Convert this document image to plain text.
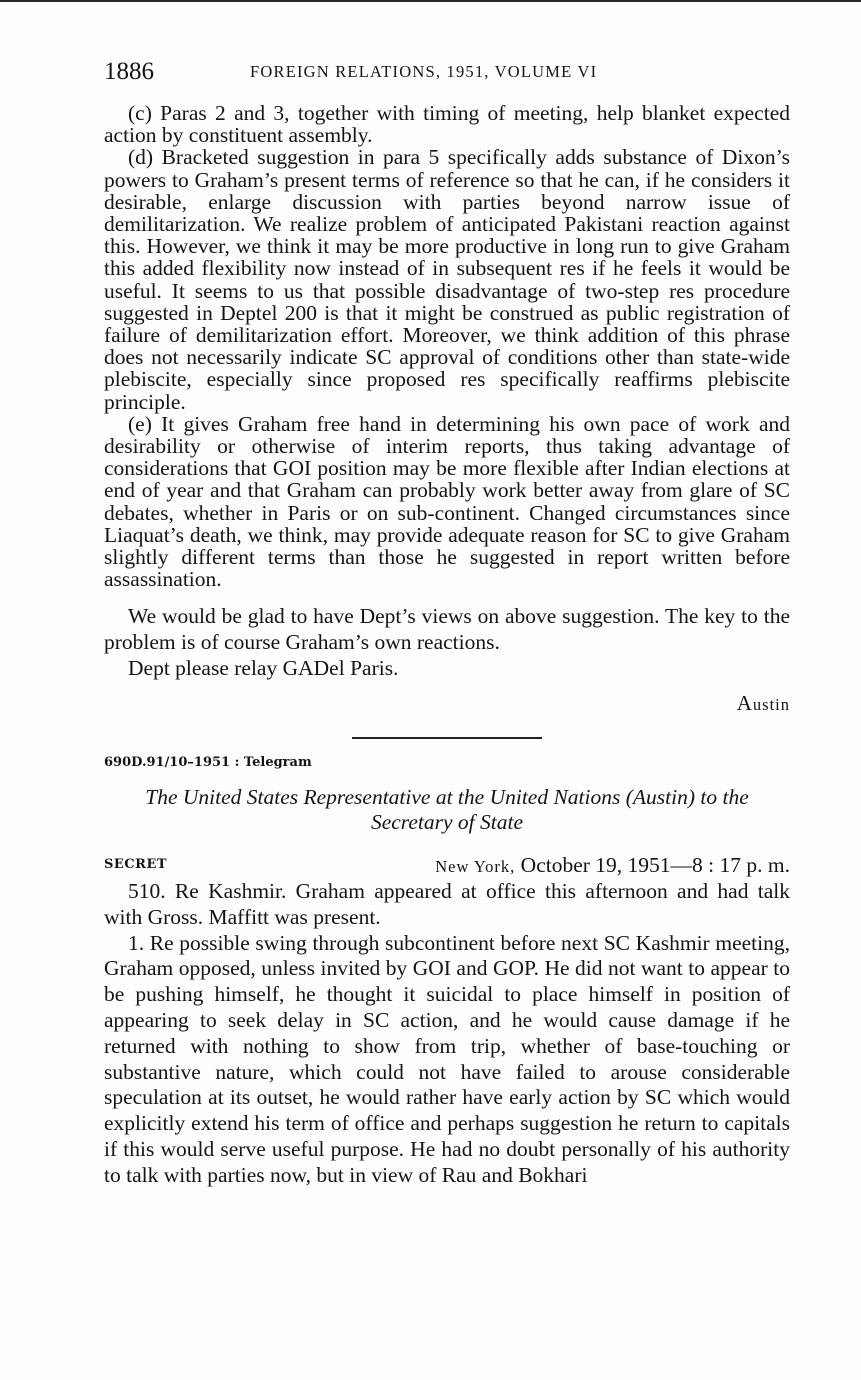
1886	FOREIGN RELATIONS, 1951, VOLUME VI

(c) Paras 2 and 3, together with timing of meeting, help blanket expected action by constituent assembly.

(d) Bracketed suggestion in para 5 specifically adds substance of Dixon’s powers to Graham’s present terms of reference so that he can, if he considers it desirable, enlarge discussion with parties beyond narrow issue of demilitarization. We realize problem of anticipated Pakistani reaction against this. However, we think it may be more productive in long run to give Graham this added flexibility now instead of in subsequent res if he feels it would be useful. It seems to us that possible disadvantage of two-step res procedure suggested in Deptel 200 is that it might be construed as public registration of failure of demilitarization effort. Moreover, we think addition of this phrase does not necessarily indicate SC approval of conditions other than state-wide plebiscite, especially since proposed res specifically reaffirms plebiscite principle.

(e) It gives Graham free hand in determining his own pace of work and desirability or otherwise of interim reports, thus taking advantage of considerations that GOI position may be more flexible after Indian elections at end of year and that Graham can probably work better away from glare of SC debates, whether in Paris or on sub-continent. Changed circumstances since Liaquat’s death, we think, may provide adequate reason for SC to give Graham slightly different terms than those he suggested in report written before assassination.

We would be glad to have Dept’s views on above suggestion. The key to the problem is of course Graham’s own reactions.

Dept please relay GADel Paris.

Austin
690D.91/10–1951 : Telegram
The United States Representative at the United Nations (Austin) to the Secretary of State
SECRET	New York, October 19, 1951—8 : 17 p. m.

510. Re Kashmir. Graham appeared at office this afternoon and had talk with Gross. Maffitt was present.

1. Re possible swing through subcontinent before next SC Kashmir meeting, Graham opposed, unless invited by GOI and GOP. He did not want to appear to be pushing himself, he thought it suicidal to place himself in position of appearing to seek delay in SC action, and he would cause damage if he returned with nothing to show from trip, whether of base-touching or substantive nature, which could not have failed to arouse considerable speculation at its outset, he would rather have early action by SC which would explicitly extend his term of office and perhaps suggestion he return to capitals if this would serve useful purpose. He had no doubt personally of his authority to talk with parties now, but in view of Rau and Bokhari
